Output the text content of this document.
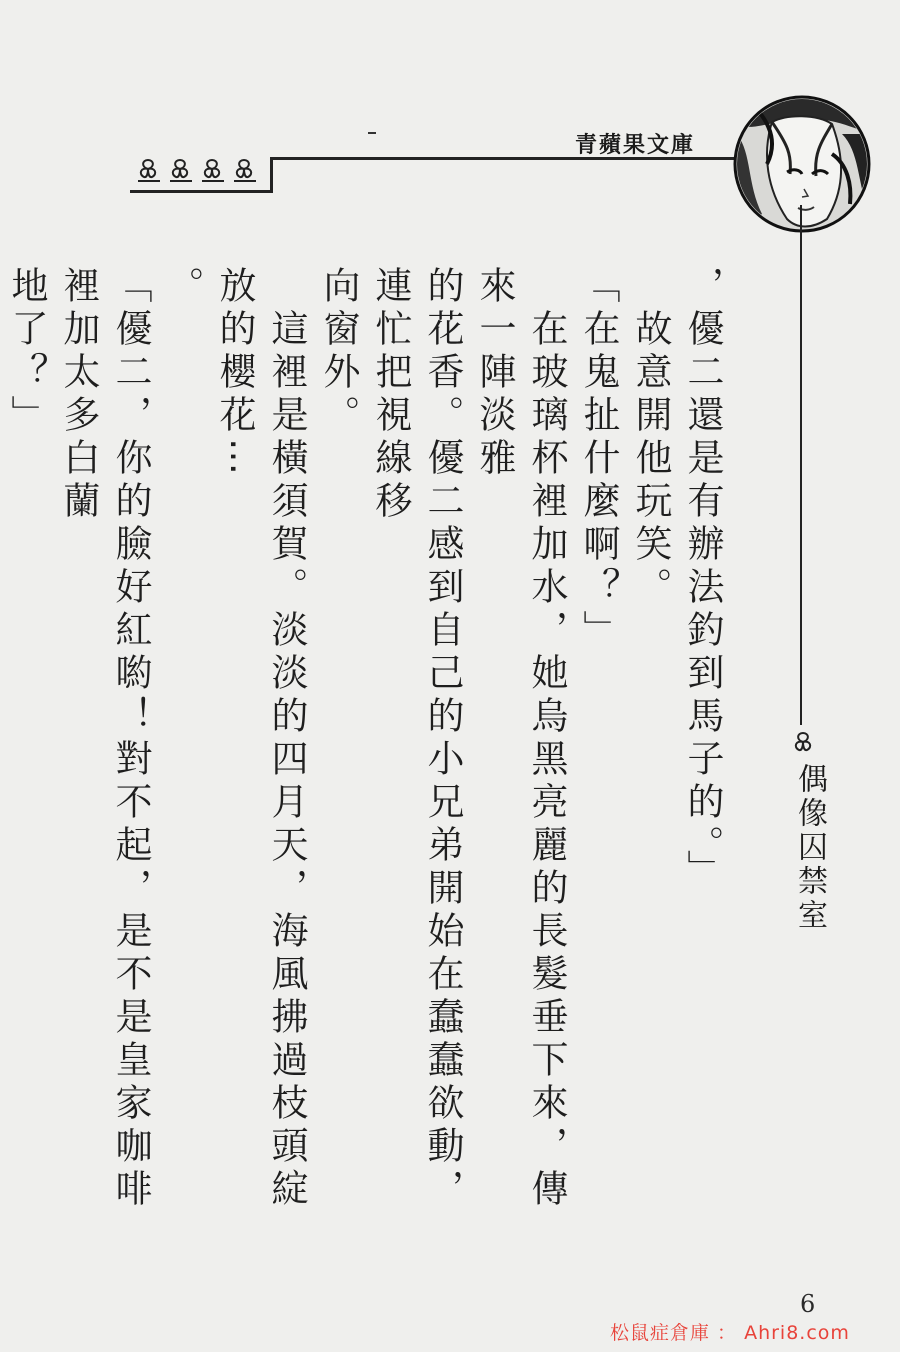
青蘋果文庫
偶像囚禁室
，優二還是有辦法釣到馬子的。」
　故意開他玩笑。
「在鬼扯什麼啊？」
　在玻璃杯裡加水，她烏黑亮麗的長髮垂下來，傳來一陣淡雅
的花香。優二感到自己的小兄弟開始在蠢蠢欲動，連忙把視線移
向窗外。
　這裡是橫須賀。淡淡的四月天，海風拂過枝頭綻放的櫻花⋯
。
「優二，你的臉好紅喲！對不起，是不是皇家咖啡裡加太多白蘭
地了？」
6
松鼠症倉庫 ： Ahri8.com
